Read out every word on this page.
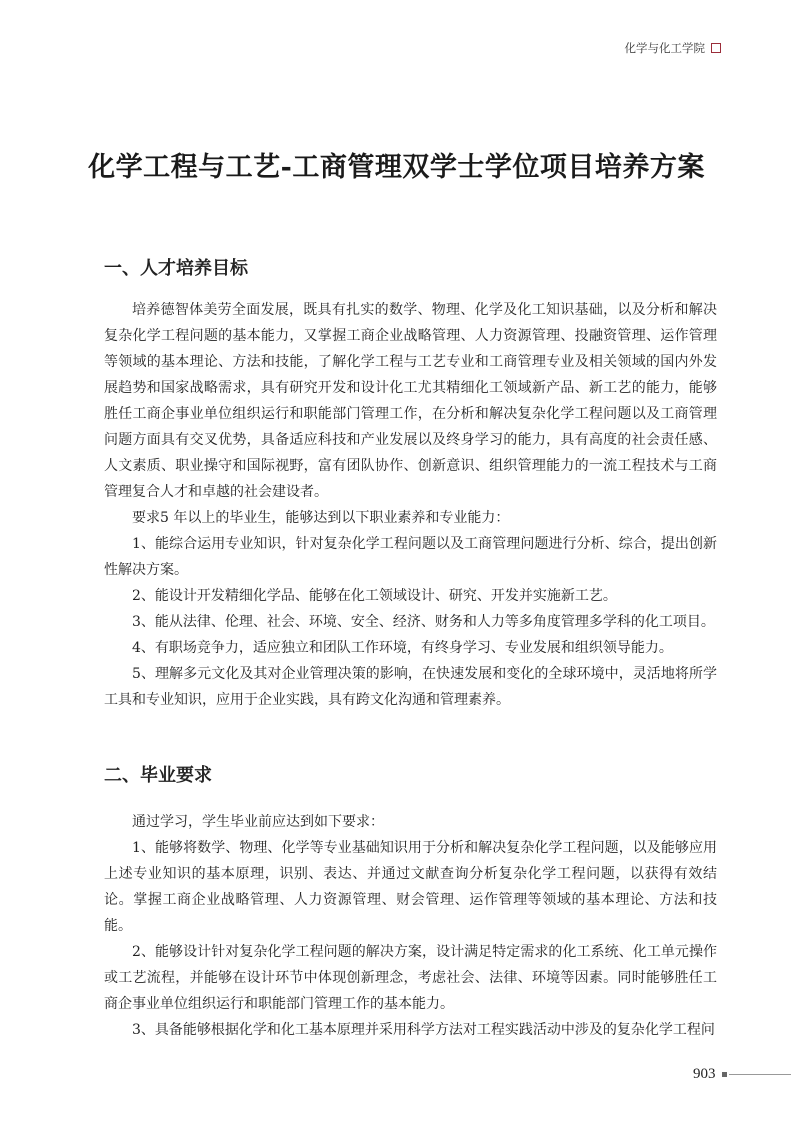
化学与化工学院
化学工程与工艺-工商管理双学士学位项目培养方案
一、人才培养目标

培养德智体美劳全面发展，既具有扎实的数学、物理、化学及化工知识基础，以及分析和解决复杂化学工程问题的基本能力，又掌握工商企业战略管理、人力资源管理、投融资管理、运作管理等领域的基本理论、方法和技能，了解化学工程与工艺专业和工商管理专业及相关领域的国内外发展趋势和国家战略需求，具有研究开发和设计化工尤其精细化工领域新产品、新工艺的能力，能够胜任工商企事业单位组织运行和职能部门管理工作，在分析和解决复杂化学工程问题以及工商管理问题方面具有交叉优势，具备适应科技和产业发展以及终身学习的能力，具有高度的社会责任感、人文素质、职业操守和国际视野，富有团队协作、创新意识、组织管理能力的一流工程技术与工商管理复合人才和卓越的社会建设者。

要求5 年以上的毕业生，能够达到以下职业素养和专业能力：

1、能综合运用专业知识，针对复杂化学工程问题以及工商管理问题进行分析、综合，提出创新性解决方案。

2、能设计开发精细化学品、能够在化工领域设计、研究、开发并实施新工艺。

3、能从法律、伦理、社会、环境、安全、经济、财务和人力等多角度管理多学科的化工项目。

4、有职场竞争力，适应独立和团队工作环境，有终身学习、专业发展和组织领导能力。

5、理解多元文化及其对企业管理决策的影响，在快速发展和变化的全球环境中，灵活地将所学工具和专业知识，应用于企业实践，具有跨文化沟通和管理素养。

二、毕业要求

通过学习，学生毕业前应达到如下要求：

1、能够将数学、物理、化学等专业基础知识用于分析和解决复杂化学工程问题，以及能够应用上述专业知识的基本原理，识别、表达、并通过文献查询分析复杂化学工程问题，以获得有效结论。掌握工商企业战略管理、人力资源管理、财会管理、运作管理等领域的基本理论、方法和技能。

2、能够设计针对复杂化学工程问题的解决方案，设计满足特定需求的化工系统、化工单元操作或工艺流程，并能够在设计环节中体现创新理念，考虑社会、法律、环境等因素。同时能够胜任工商企事业单位组织运行和职能部门管理工作的基本能力。

3、具备能够根据化学和化工基本原理并采用科学方法对工程实践活动中涉及的复杂化学工程问

903
